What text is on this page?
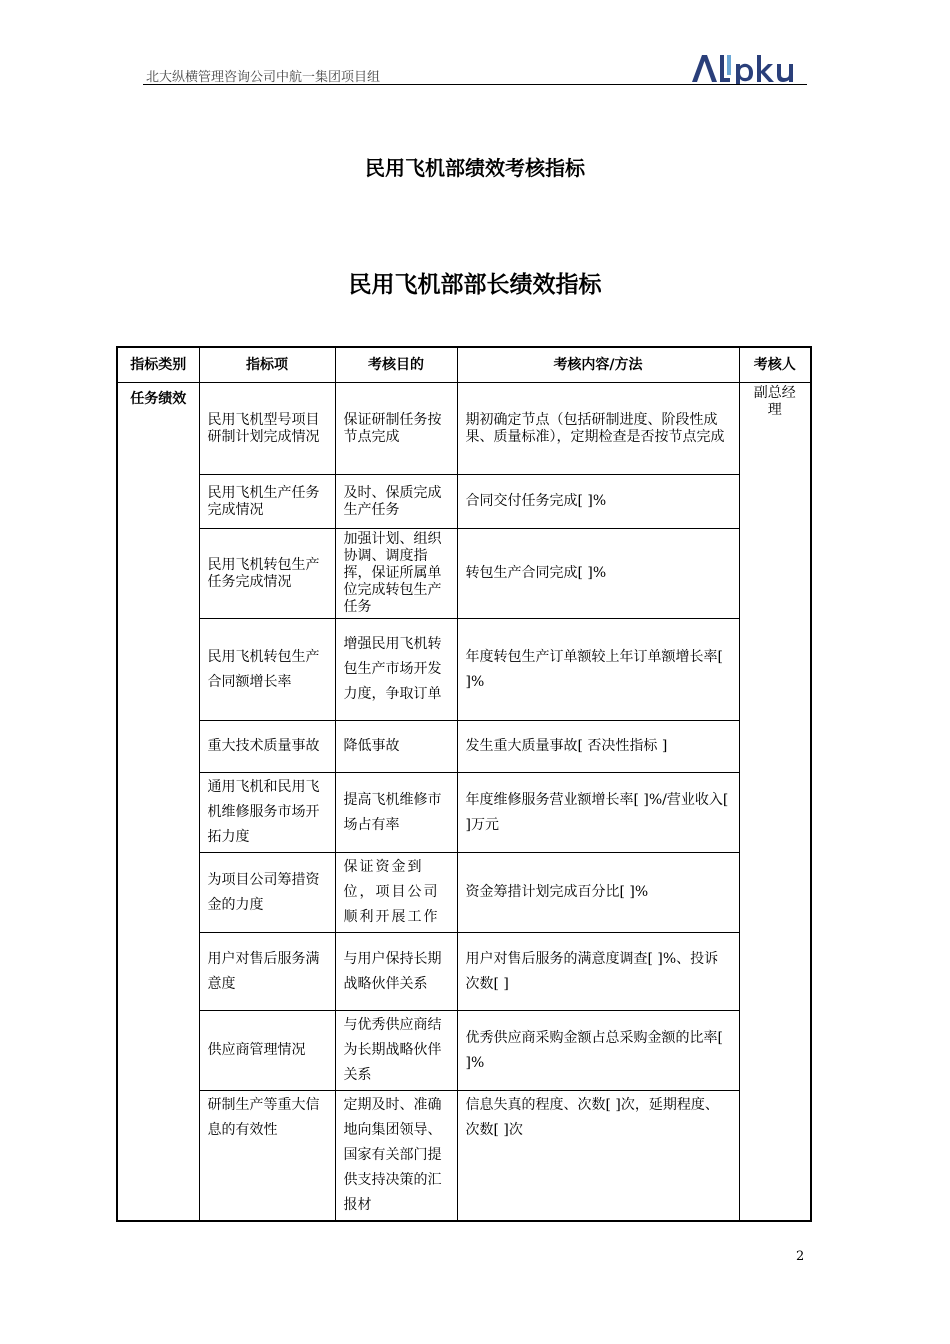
北大纵横管理咨询公司中航一集团项目组
民用飞机部绩效考核指标
民用飞机部部长绩效指标
指标类别	指标项	考核目的	考核内容/方法	考核人
任务绩效	民用飞机型号项目研制计划完成情况	保证研制任务按节点完成	期初确定节点（包括研制进度、阶段性成果、质量标准），定期检查是否按节点完成	副总经理
	民用飞机生产任务完成情况	及时、保质完成生产任务	合同交付任务完成[ ]%	
	民用飞机转包生产任务完成情况	加强计划、组织协调、调度指挥，保证所属单位完成转包生产任务	转包生产合同完成[ ]%	
	民用飞机转包生产合同额增长率	增强民用飞机转包生产市场开发力度，争取订单	年度转包生产订单额较上年订单额增长率[ ]%	
	重大技术质量事故	降低事故	发生重大质量事故[ 否决性指标 ]	
	通用飞机和民用飞机维修服务市场开拓力度	提高飞机维修市场占有率	年度维修服务营业额增长率[ ]%/营业收入[ ]万元	
	为项目公司筹措资金的力度	保证资金到位，项目公司顺利开展工作	资金筹措计划完成百分比[ ]%	
	用户对售后服务满意度	与用户保持长期战略伙伴关系	用户对售后服务的满意度调查[ ]%、投诉次数[ ]	
	供应商管理情况	与优秀供应商结为长期战略伙伴关系	优秀供应商采购金额占总采购金额的比率[ ]%	
	研制生产等重大信息的有效性	定期及时、准确地向集团领导、国家有关部门提供支持决策的汇报材	信息失真的程度、次数[ ]次，延期程度、次数[ ]次	
2
